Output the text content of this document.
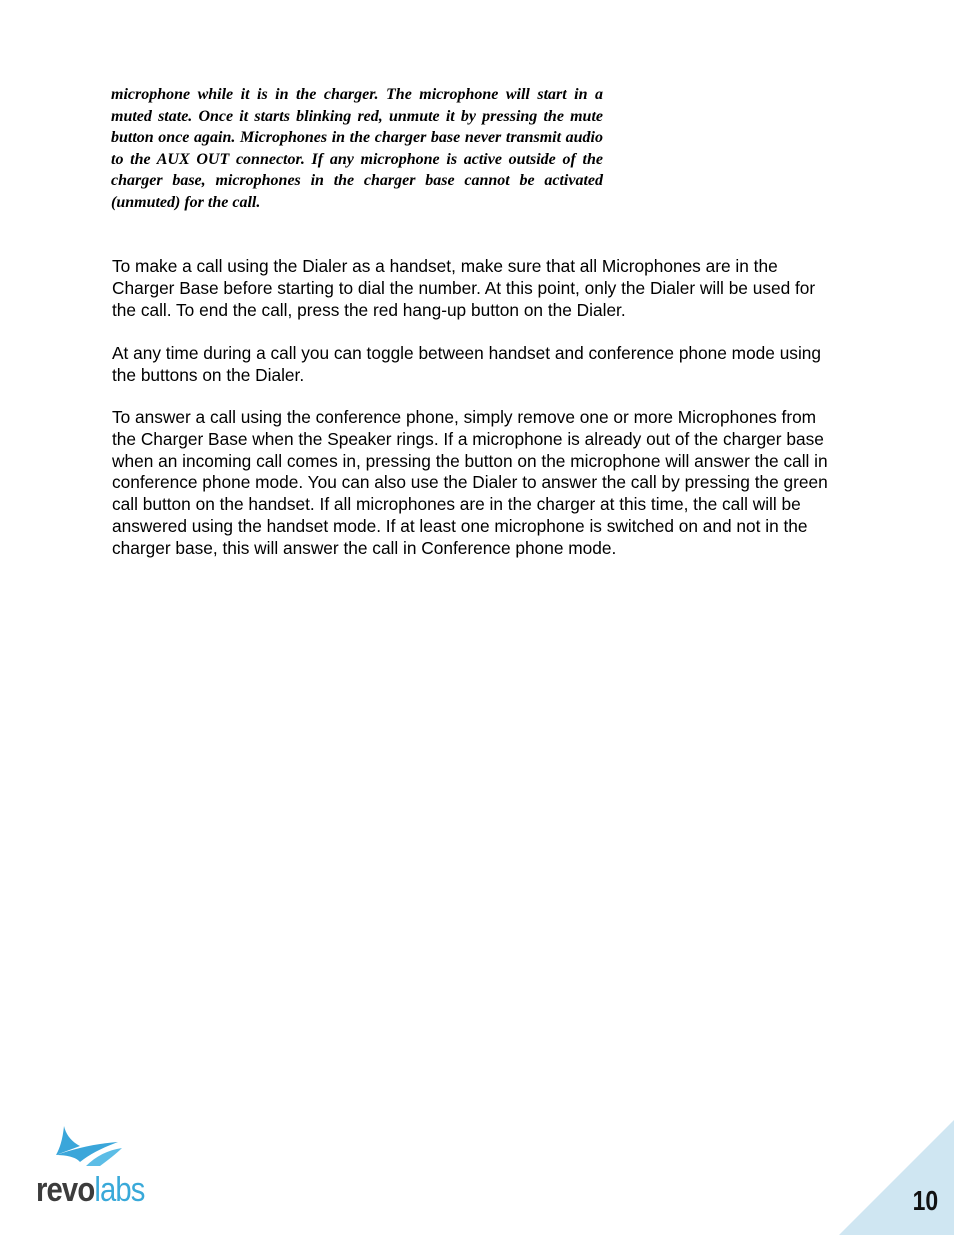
microphone while it is in the charger. The microphone will start in a muted state. Once it starts blinking red, unmute it by pressing the mute button once again. Microphones in the charger base never transmit audio to the AUX OUT connector. If any microphone is active outside of the charger base, microphones in the charger base cannot be activated (unmuted) for the call.

To make a call using the Dialer as a handset, make sure that all Microphones are in the Charger Base before starting to dial the number. At this point, only the Dialer will be used for the call. To end the call, press the red hang-up button on the Dialer.

At any time during a call you can toggle between handset and conference phone mode using the buttons on the Dialer.

To answer a call using the conference phone, simply remove one or more Microphones from the Charger Base when the Speaker rings. If a microphone is already out of the charger base when an incoming call comes in, pressing the button on the microphone will answer the call in conference phone mode. You can also use the Dialer to answer the call by pressing the green call button on the handset. If all microphones are in the charger at this time, the call will be answered using the handset mode. If at least one microphone is switched on and not in the charger base, this will answer the call in Conference phone mode.

revolabs	10
